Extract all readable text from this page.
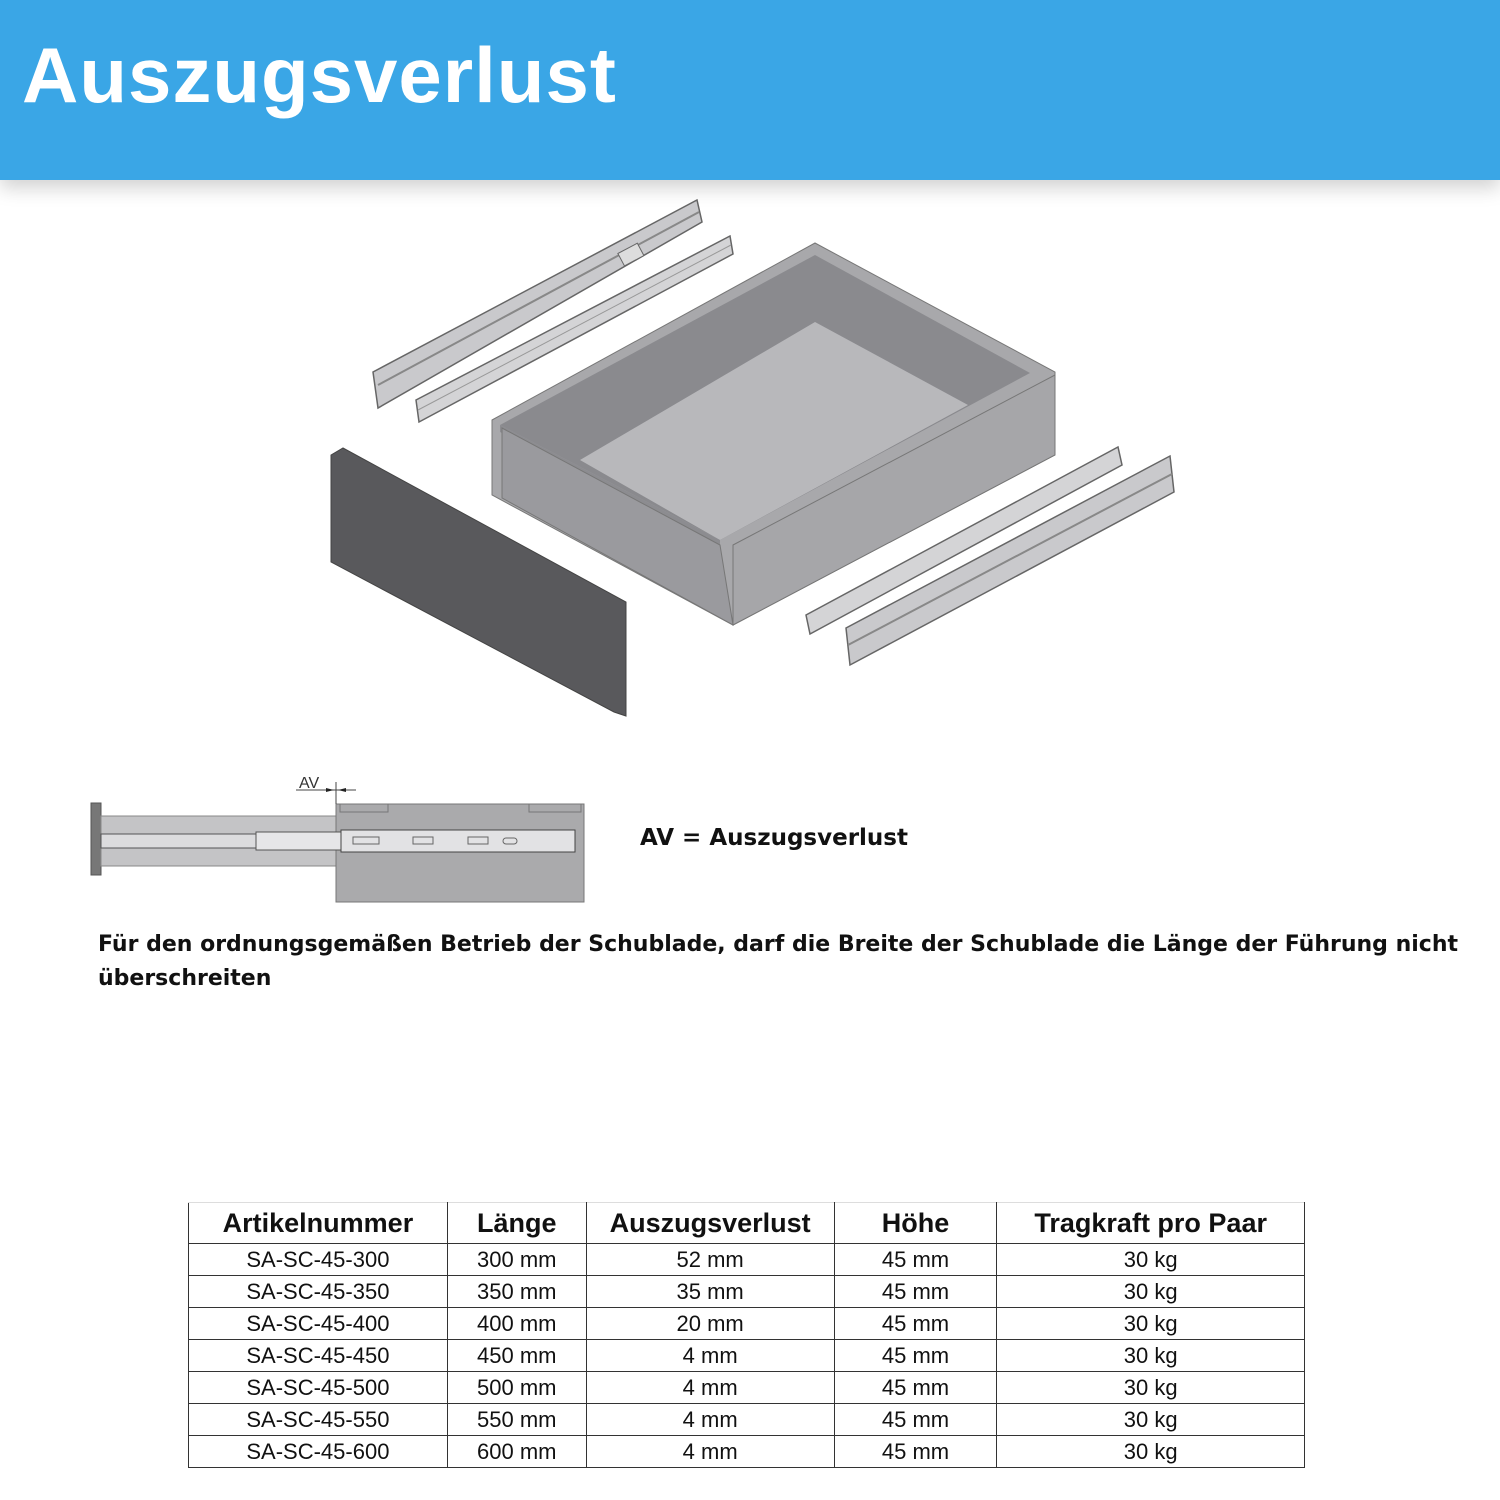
Auszugsverlust
AV
AV = Auszugsverlust
Für den ordnungsgemäßen Betrieb der Schublade, darf die Breite der Schublade die Länge der Führung nicht überschreiten
Artikelnummer	Länge	Auszugsverlust	Höhe	Tragkraft pro Paar
SA-SC-45-300	300 mm	52 mm	45 mm	30 kg
SA-SC-45-350	350 mm	35 mm	45 mm	30 kg
SA-SC-45-400	400 mm	20 mm	45 mm	30 kg
SA-SC-45-450	450 mm	4 mm	45 mm	30 kg
SA-SC-45-500	500 mm	4 mm	45 mm	30 kg
SA-SC-45-550	550 mm	4 mm	45 mm	30 kg
SA-SC-45-600	600 mm	4 mm	45 mm	30 kg
